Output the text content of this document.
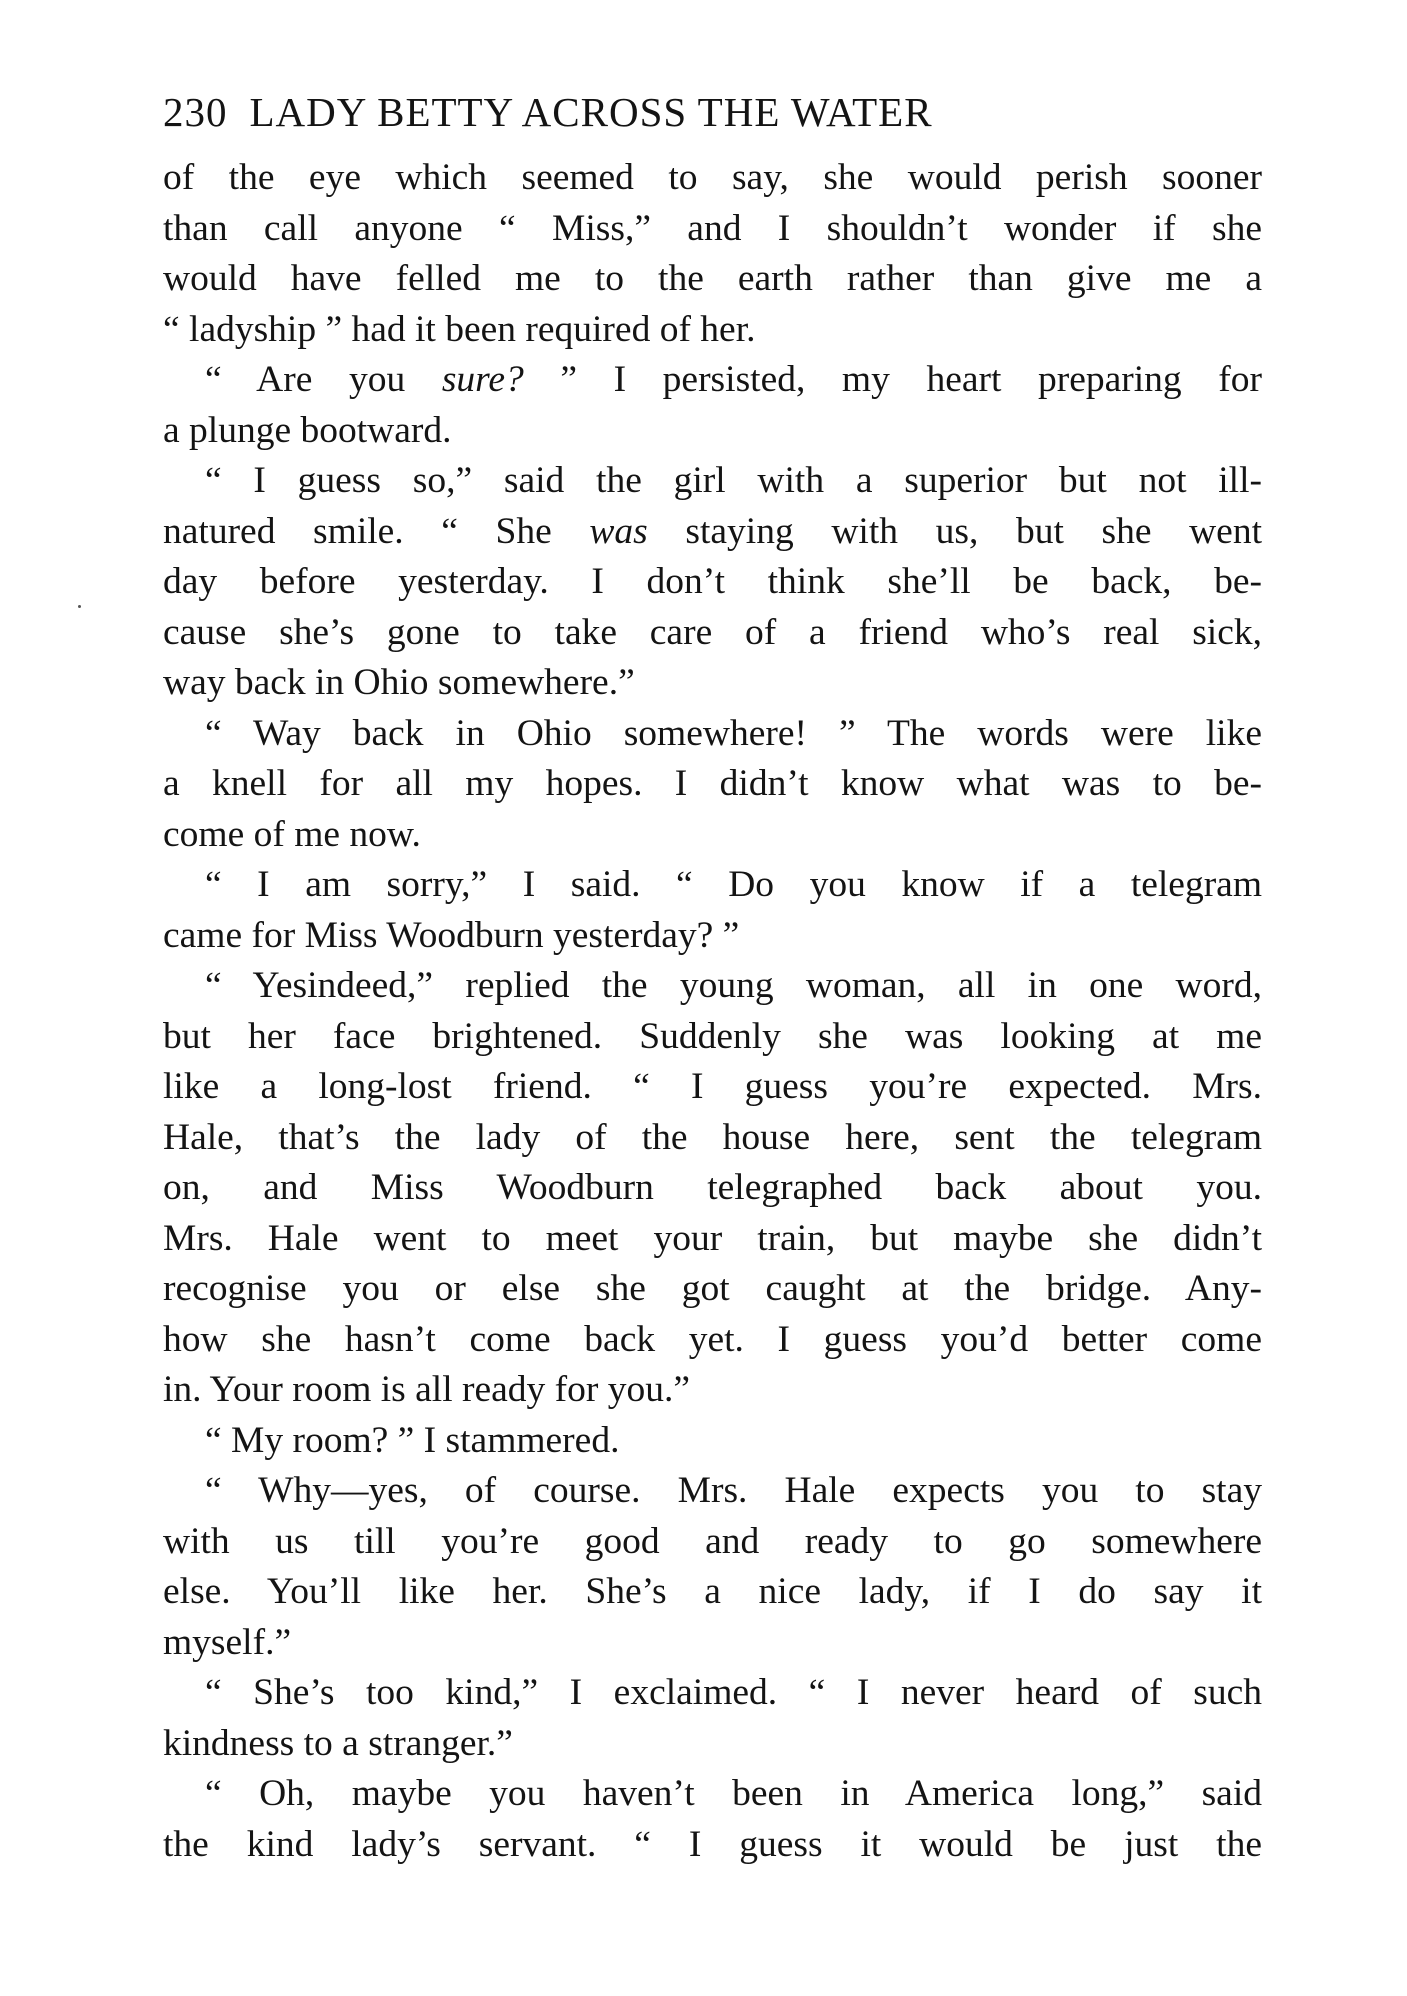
230 LADY BETTY ACROSS THE WATER
of the eye which seemed to say, she would perish sooner
than call anyone “ Miss,” and I shouldn’t wonder if she
would have felled me to the earth rather than give me a
“ ladyship ” had it been required of her.
“ Are you sure? ” I persisted, my heart preparing for
a plunge bootward.
“ I guess so,” said the girl with a superior but not ill-
natured smile. “ She was staying with us, but she went
day before yesterday. I don’t think she’ll be back, be-
cause she’s gone to take care of a friend who’s real sick,
way back in Ohio somewhere.”
“ Way back in Ohio somewhere! ” The words were like
a knell for all my hopes. I didn’t know what was to be-
come of me now.
“ I am sorry,” I said. “ Do you know if a telegram
came for Miss Woodburn yesterday? ”
“ Yesindeed,” replied the young woman, all in one word,
but her face brightened. Suddenly she was looking at me
like a long-lost friend. “ I guess you’re expected. Mrs.
Hale, that’s the lady of the house here, sent the telegram
on, and Miss Woodburn telegraphed back about you.
Mrs. Hale went to meet your train, but maybe she didn’t
recognise you or else she got caught at the bridge. Any-
how she hasn’t come back yet. I guess you’d better come
in. Your room is all ready for you.”
“ My room? ” I stammered.
“ Why—yes, of course. Mrs. Hale expects you to stay
with us till you’re good and ready to go somewhere
else. You’ll like her. She’s a nice lady, if I do say it
myself.”
“ She’s too kind,” I exclaimed. “ I never heard of such
kindness to a stranger.”
“ Oh, maybe you haven’t been in America long,” said
the kind lady’s servant. “ I guess it would be just the
